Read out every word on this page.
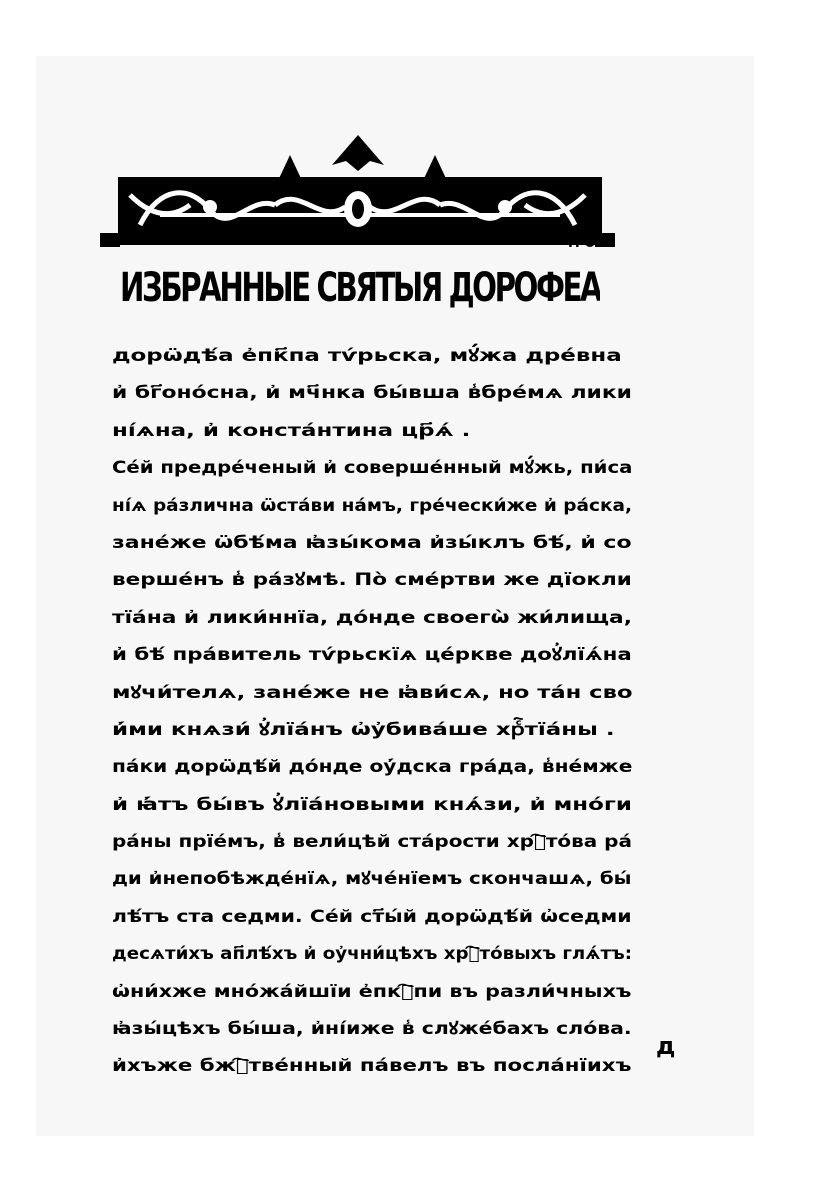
ТРО
ИЗБРАННЫЕ СВЯТЫЯ ДОРОФЕА
дорѡ̈дѣ́а е҆пк҃па тѵ́рьска, мꙋ́жа дре́вна
и҆ бг҃оно́сна, и҆ мч҃нка бы́вша в̾бре́мѧ лики
ні́ѧна, и҆ конста́нтина цр҃ѧ́ .
Се́й предре́ченый и҆ соверше́нный мꙋ́жь, пи́са
ні́ѧ ра́злична ѡ̈ста́ви на́мъ, гре́чески́же и҆ ра́ска,
зане́же ѡ̈бѣ́ма ꙗ҆зы́кома и҆зы́клъ бѣ́, и҆ со
верше́нъ в̾ ра́зꙋмѣ. По̀ сме́ртви же дїокли
тїа́на и҆ лики́ннїа, до́нде своегѡ̀ жи́лища,
и҆ бѣ́ пра́витель тѵ́рьскїѧ це́ркве доꙋ҆лїѧ́на
мꙋчи́телѧ, зане́же не ꙗ҆ви́сѧ, но та́н сво
и҆́ми кнѧзи́ ꙋ҆лїа́нъ ѡ҆у҆бива́ше хрⷭ҇тїа́ны .
па́ки дорѡ̈дѣ́й до́нде оу҆́дска гра́да, в̾не́мже
и҆ ꙗ҆́тъ бы́въ ꙋ҆лїа́новыми кнѧ́зи, и҆ мно́ги
ра́ны прїе́мъ, в̾ вели́цѣй ста́рости хрⷭ҇то́ва ра́
ди и҆непобѣжде́нїѧ, мꙋче́нїемъ скончашѧ, бы́
лѣ́тъ ста седми. Се́й ст҃ы́й дорѡ̈дѣ́й ѡ҆седми
десѧти́хъ ап҃лѣ́хъ и҆ оу҆чни́цѣхъ хрⷭ҇то́выхъ глѧ́тъ:
ѡ҆ни́хже мно́жа́йшїи е҆пкⷭ҇пи въ разли́чныхъ
ꙗ҆зы́цѣхъ бы́ша, и҆ні́иже в̾ слꙋже́бахъ сло́ва.
и҆хъже бжⷭ҇тве́нный па́велъ въ посла́нїихъ
д
